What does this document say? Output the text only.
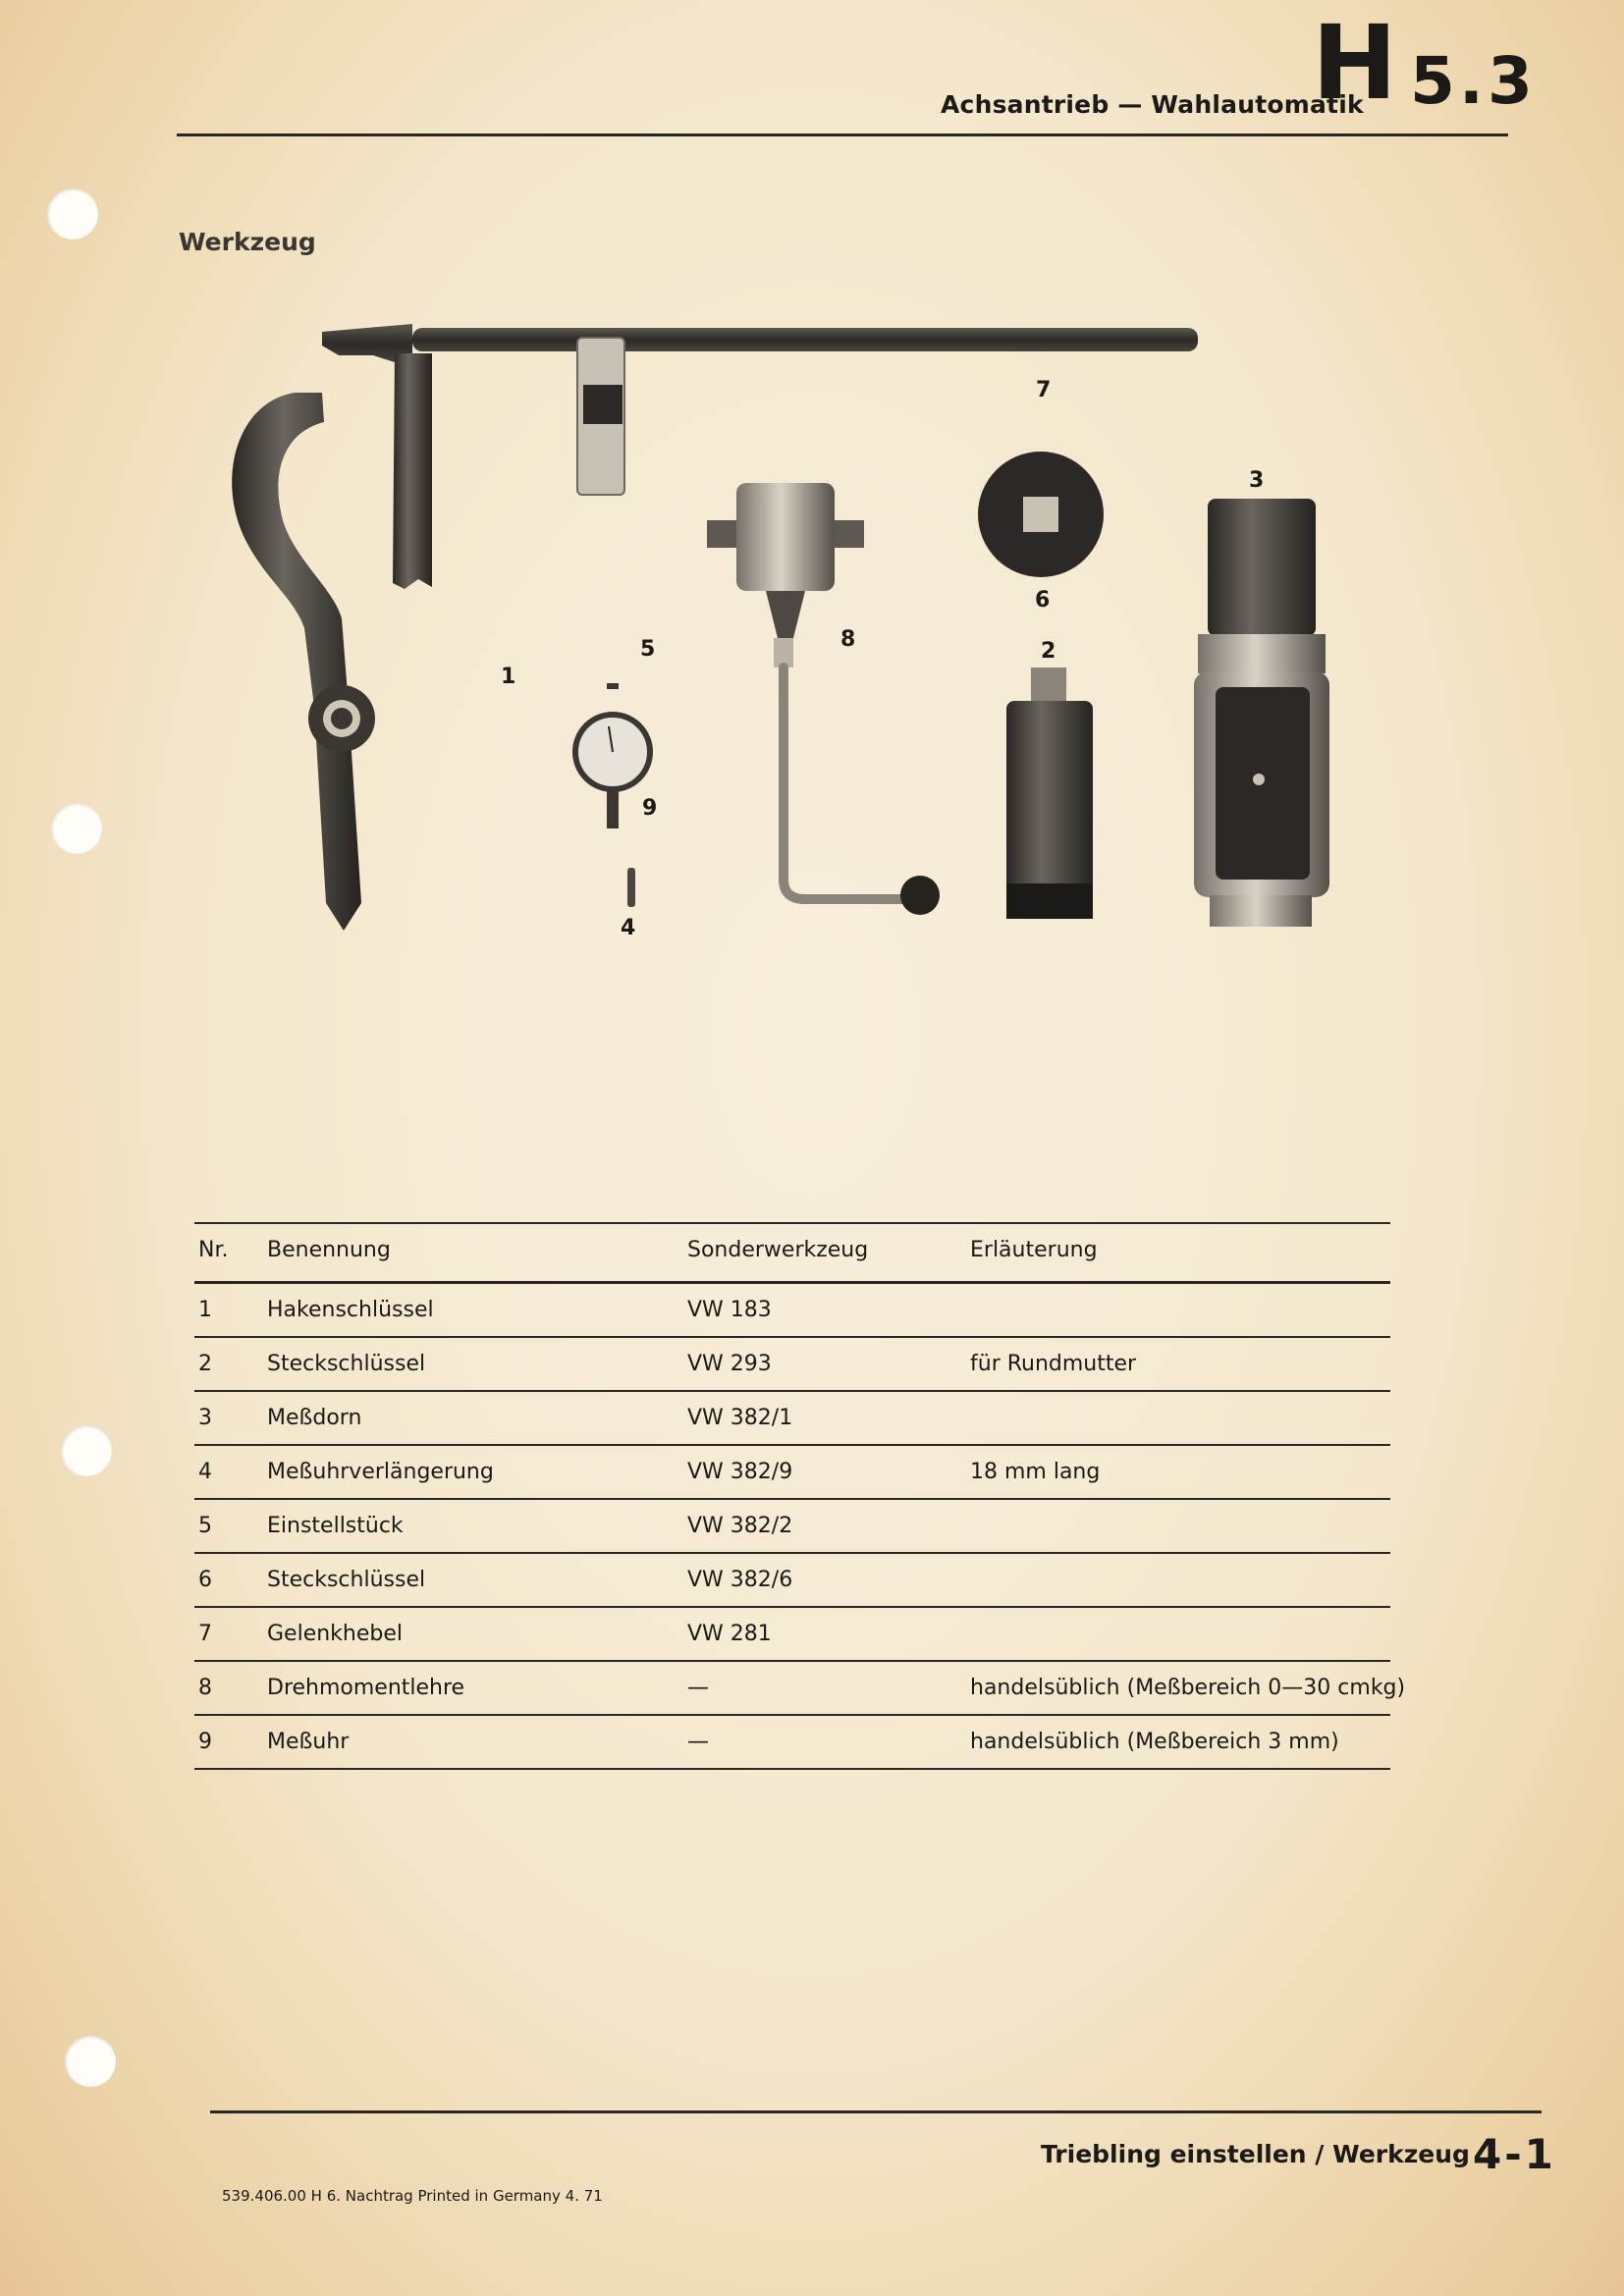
Achsantrieb — Wahlautomatik
H 5.3
Werkzeug
7
3
6
2
5	8
1
9
4
Nr. Benennung	Sonderwerkzeug	Erläuterung
1	Hakenschlüssel	VW 183
2	Steckschlüssel	VW 293	für Rundmutter
3	Meßdorn	VW 382/1
4	Meßuhrverlängerung	VW 382/9	18 mm lang
5	Einstellstück	VW 382/2
6	Steckschlüssel	VW 382/6
7	Gelenkhebel	VW 281
8	Drehmomentlehre	—	handelsüblich (Meßbereich 0—30 cmkg)
9	Meßuhr	—	handelsüblich (Meßbereich 3 mm)
Triebling einstellen / Werkzeug 4-1
539.406.00 H 6. Nachtrag Printed in Germany 4. 71
